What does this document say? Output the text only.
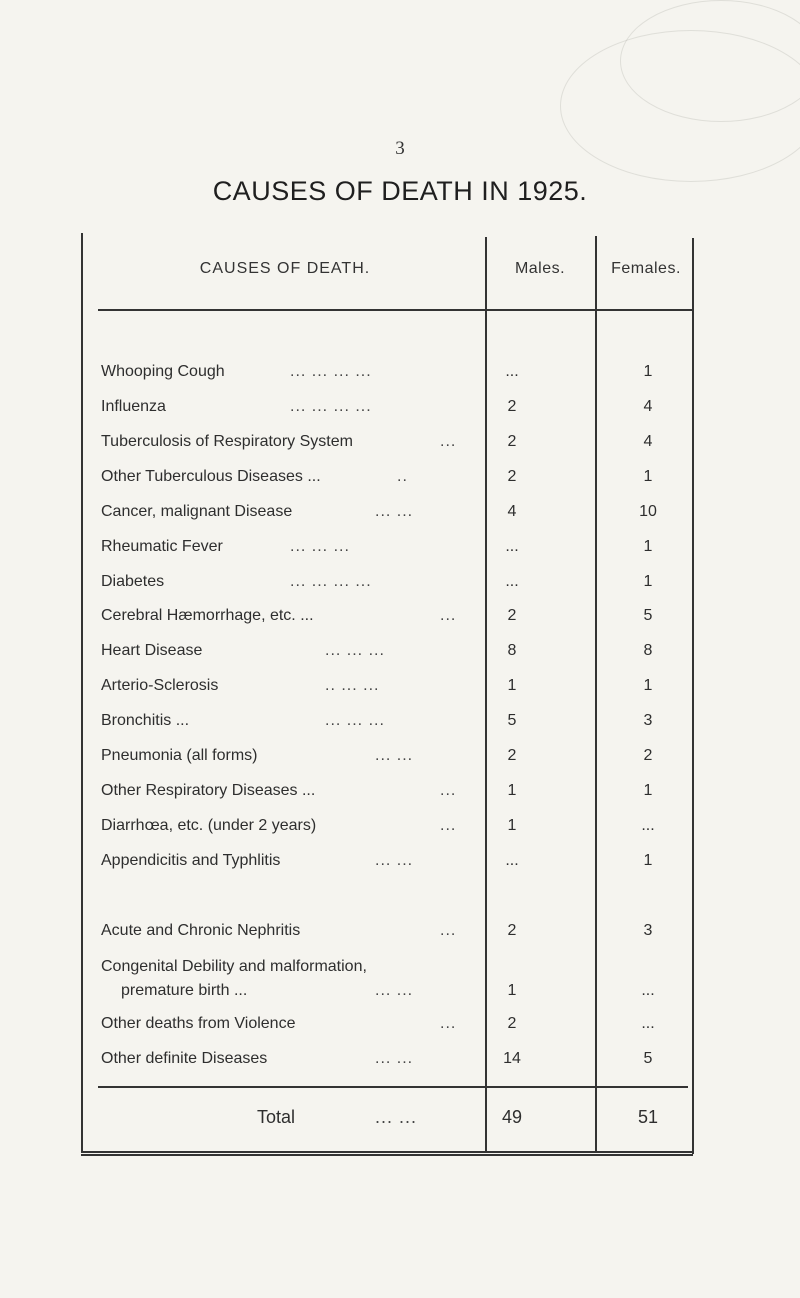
3
CAUSES OF DEATH IN 1925.
CAUSES OF DEATH.	Males.	Females.
Whooping Cough	... ... ... ...	...	1
Influenza	... ... ... ...	2	4
Tuberculosis of Respiratory System	...	2	4
Other Tuberculous Diseases ...	..	2	1
Cancer, malignant Disease	... ...	4	10
Rheumatic Fever	... ... ...	...	1
Diabetes	... ... ... ...	...	1
Cerebral Hæmorrhage, etc. ...	...	2	5
Heart Disease	... ... ...	8	8
Arterio-Sclerosis	.. ... ...	1	1
Bronchitis ...	... ... ...	5	3
Pneumonia (all forms)	... ...	2	2
Other Respiratory Diseases ...	...	1	1
Diarrhœa, etc. (under 2 years)	...	1	...
Appendicitis and Typhlitis	... ...	...	1
Acute and Chronic Nephritis	...	2	3
Congenital Debility and malformation,
premature birth ...	... ...	1	...
Other deaths from Violence	...	2	...
Other definite Diseases	... ...	14	5
Total	... ...	49	51
